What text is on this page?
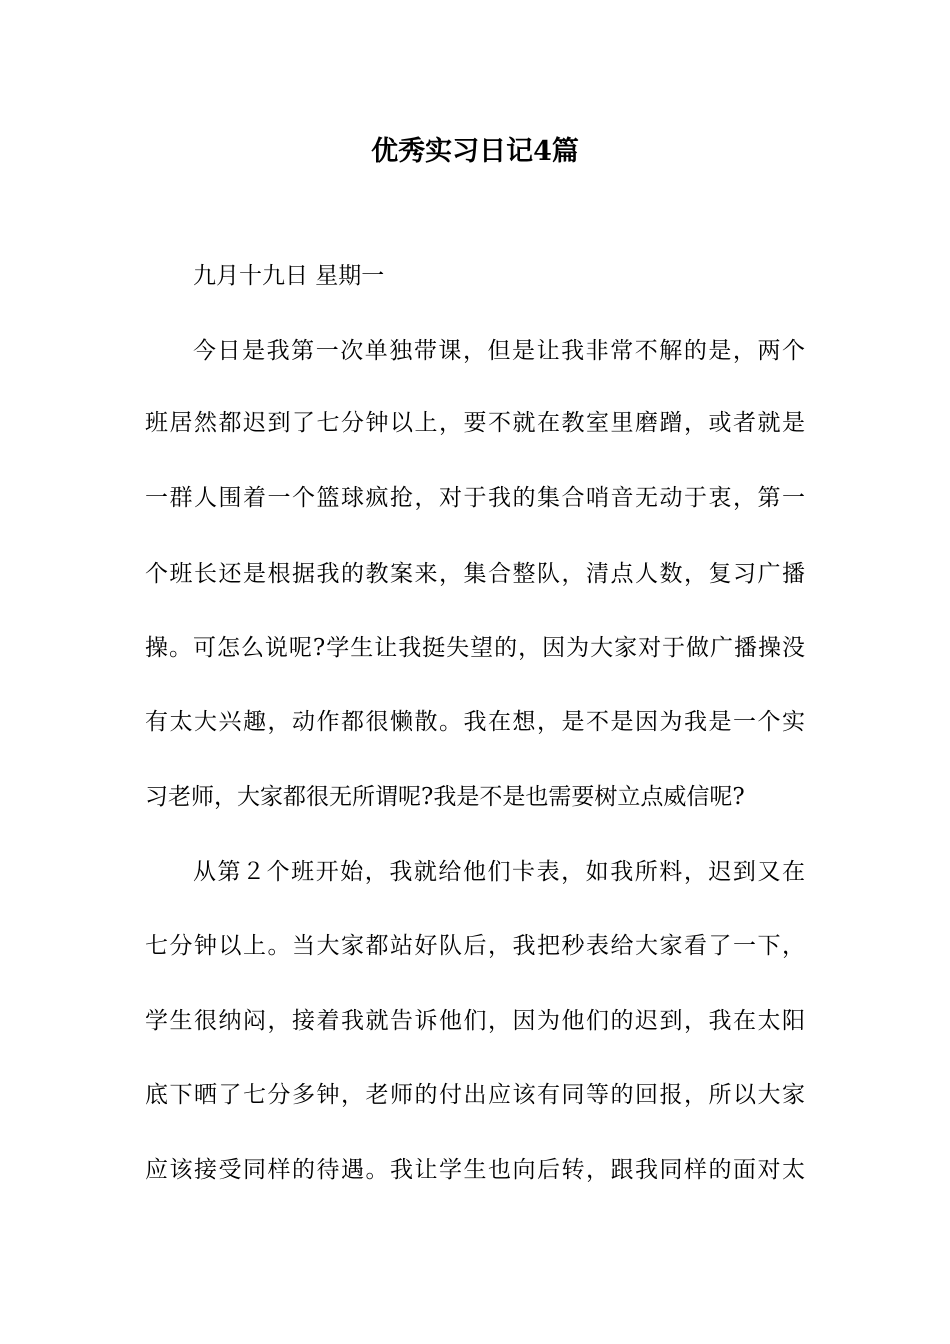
优秀实习日记4篇

九月十九日 星期一

今日是我第一次单独带课，但是让我非常不解的是，两个

班居然都迟到了七分钟以上，要不就在教室里磨蹭，或者就是

一群人围着一个篮球疯抢，对于我的集合哨音无动于衷，第一

个班长还是根据我的教案来，集合整队，清点人数，复习广播

操。可怎么说呢?学生让我挺失望的，因为大家对于做广播操没

有太大兴趣，动作都很懒散。我在想，是不是因为我是一个实

习老师，大家都很无所谓呢?我是不是也需要树立点威信呢?

从第２个班开始，我就给他们卡表，如我所料，迟到又在

七分钟以上。当大家都站好队后，我把秒表给大家看了一下，

学生很纳闷，接着我就告诉他们，因为他们的迟到，我在太阳

底下晒了七分多钟，老师的付出应该有同等的回报，所以大家

应该接受同样的待遇。我让学生也向后转，跟我同样的面对太
